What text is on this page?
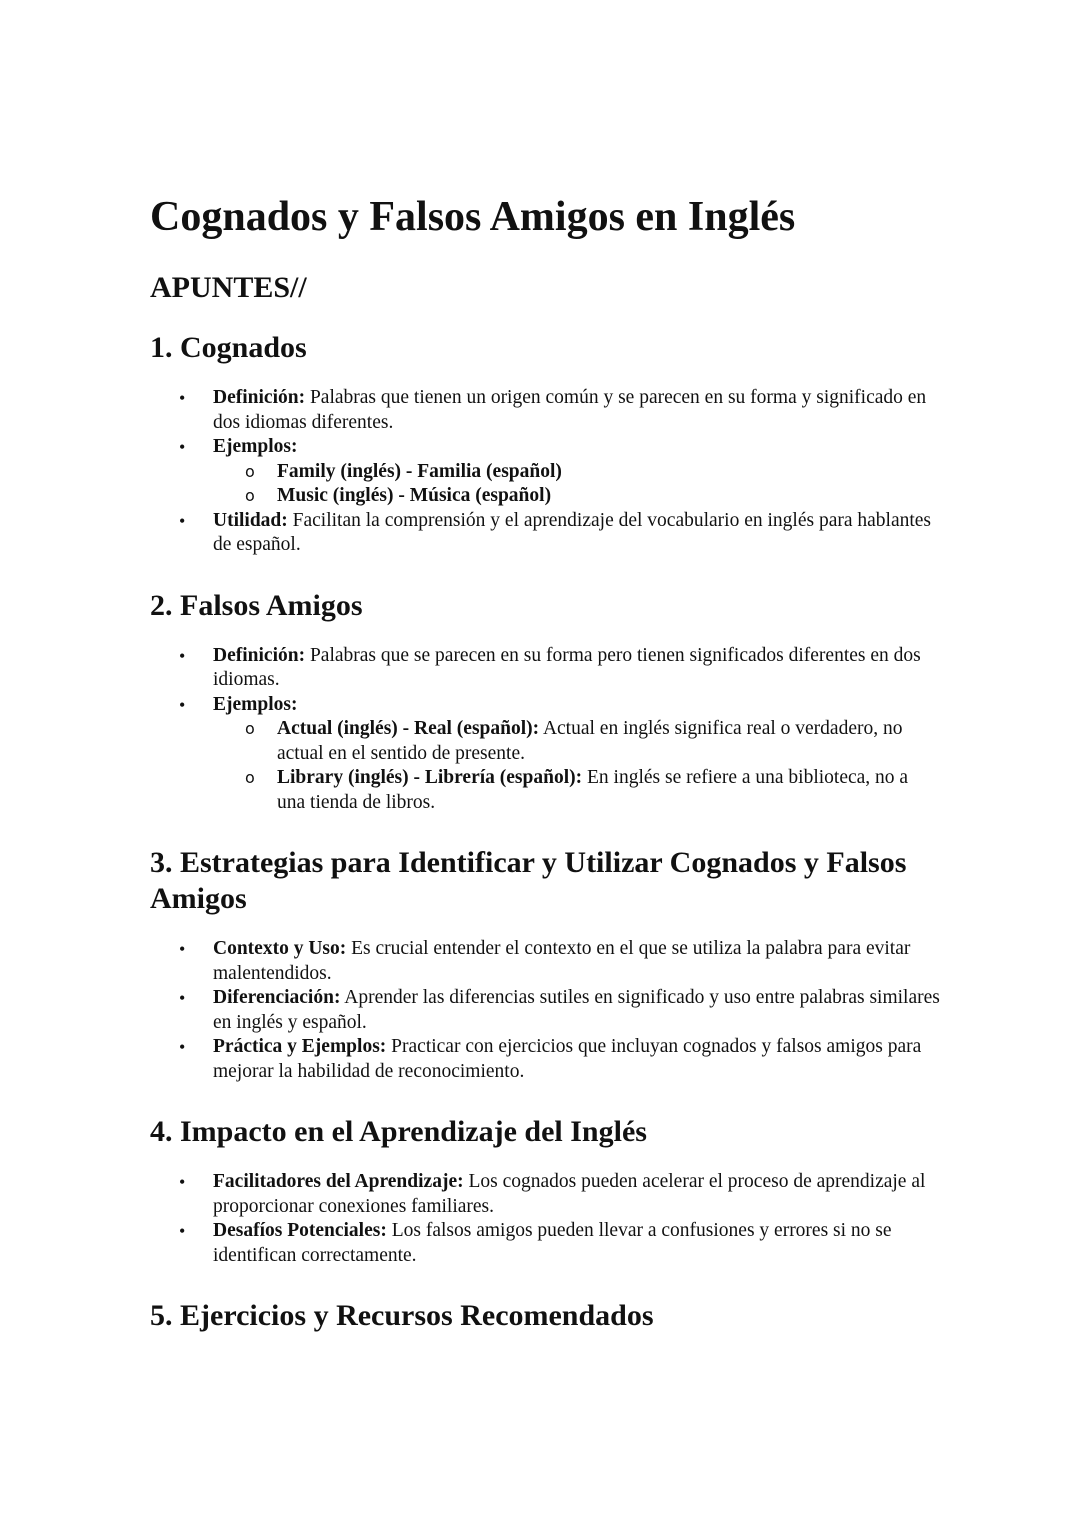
Cognados y Falsos Amigos en Inglés
APUNTES//
1. Cognados
• Definición: Palabras que tienen un origen común y se parecen en su forma y significado en dos idiomas diferentes.
• Ejemplos:
o Family (inglés) - Familia (español)
o Music (inglés) - Música (español)
• Utilidad: Facilitan la comprensión y el aprendizaje del vocabulario en inglés para hablantes de español.
2. Falsos Amigos
• Definición: Palabras que se parecen en su forma pero tienen significados diferentes en dos idiomas.
• Ejemplos:
o Actual (inglés) - Real (español): Actual en inglés significa real o verdadero, no actual en el sentido de presente.
o Library (inglés) - Librería (español): En inglés se refiere a una biblioteca, no a una tienda de libros.
3. Estrategias para Identificar y Utilizar Cognados y Falsos Amigos
• Contexto y Uso: Es crucial entender el contexto en el que se utiliza la palabra para evitar malentendidos.
• Diferenciación: Aprender las diferencias sutiles en significado y uso entre palabras similares en inglés y español.
• Práctica y Ejemplos: Practicar con ejercicios que incluyan cognados y falsos amigos para mejorar la habilidad de reconocimiento.
4. Impacto en el Aprendizaje del Inglés
• Facilitadores del Aprendizaje: Los cognados pueden acelerar el proceso de aprendizaje al proporcionar conexiones familiares.
• Desafíos Potenciales: Los falsos amigos pueden llevar a confusiones y errores si no se identifican correctamente.
5. Ejercicios y Recursos Recomendados
